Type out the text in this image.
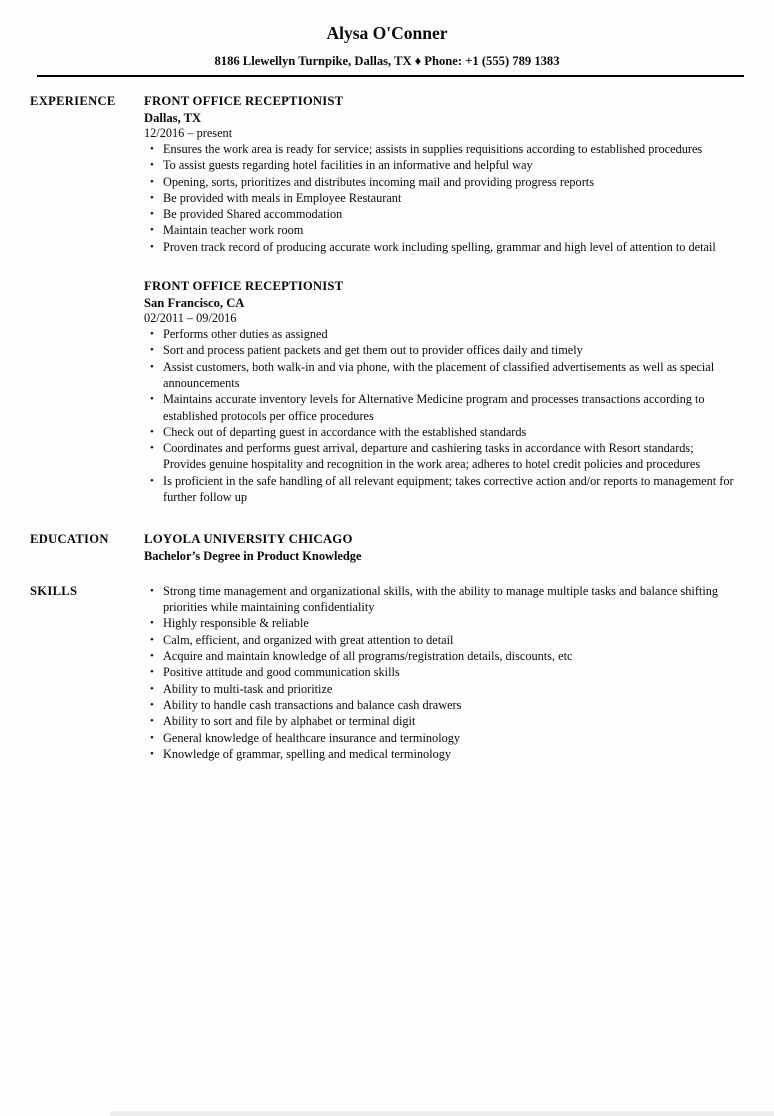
Alysa O'Conner

8186 Llewellyn Turnpike, Dallas, TX ♦ Phone: +1 (555) 789 1383

EXPERIENCE	FRONT OFFICE RECEPTIONIST
Dallas, TX
12/2016 – present
• Ensures the work area is ready for service; assists in supplies requisitions according to established procedures
• To assist guests regarding hotel facilities in an informative and helpful way
• Opening, sorts, prioritizes and distributes incoming mail and providing progress reports
• Be provided with meals in Employee Restaurant
• Be provided Shared accommodation
• Maintain teacher work room
• Proven track record of producing accurate work including spelling, grammar and high level of attention to detail
FRONT OFFICE RECEPTIONIST
San Francisco, CA
02/2011 – 09/2016
• Performs other duties as assigned
• Sort and process patient packets and get them out to provider offices daily and timely
• Assist customers, both walk-in and via phone, with the placement of classified advertisements as well as special announcements
• Maintains accurate inventory levels for Alternative Medicine program and processes transactions according to established protocols per office procedures
• Check out of departing guest in accordance with the established standards
• Coordinates and performs guest arrival, departure and cashiering tasks in accordance with Resort standards; Provides genuine hospitality and recognition in the work area; adheres to hotel credit policies and procedures
• Is proficient in the safe handling of all relevant equipment; takes corrective action and/or reports to management for further follow up
EDUCATION	LOYOLA UNIVERSITY CHICAGO
Bachelor’s Degree in Product Knowledge
SKILLS	• Strong time management and organizational skills, with the ability to manage multiple tasks and balance shifting priorities while maintaining confidentiality
• Highly responsible & reliable
• Calm, efficient, and organized with great attention to detail
• Acquire and maintain knowledge of all programs/registration details, discounts, etc
• Positive attitude and good communication skills
• Ability to multi-task and prioritize
• Ability to handle cash transactions and balance cash drawers
• Ability to sort and file by alphabet or terminal digit
• General knowledge of healthcare insurance and terminology
• Knowledge of grammar, spelling and medical terminology
